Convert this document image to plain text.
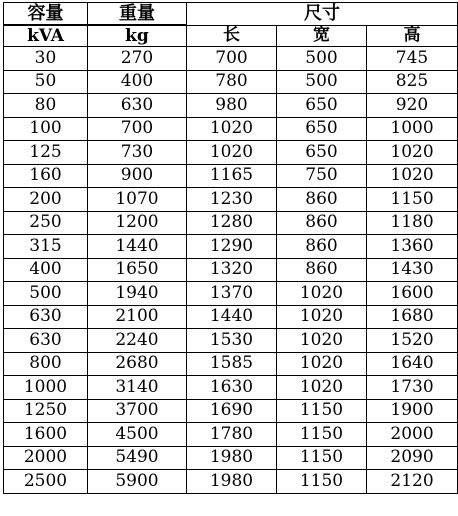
容量	重量	尺寸		
kVA	kg	长	宽	高
30	270	700	500	745
50	400	780	500	825
80	630	980	650	920
100	700	1020	650	1000
125	730	1020	650	1020
160	900	1165	750	1020
200	1070	1230	860	1150
250	1200	1280	860	1180
315	1440	1290	860	1360
400	1650	1320	860	1430
500	1940	1370	1020	1600
630	2100	1440	1020	1680
630	2240	1530	1020	1520
800	2680	1585	1020	1640
1000	3140	1630	1020	1730
1250	3700	1690	1150	1900
1600	4500	1780	1150	2000
2000	5490	1980	1150	2090
2500	5900	1980	1150	2120
